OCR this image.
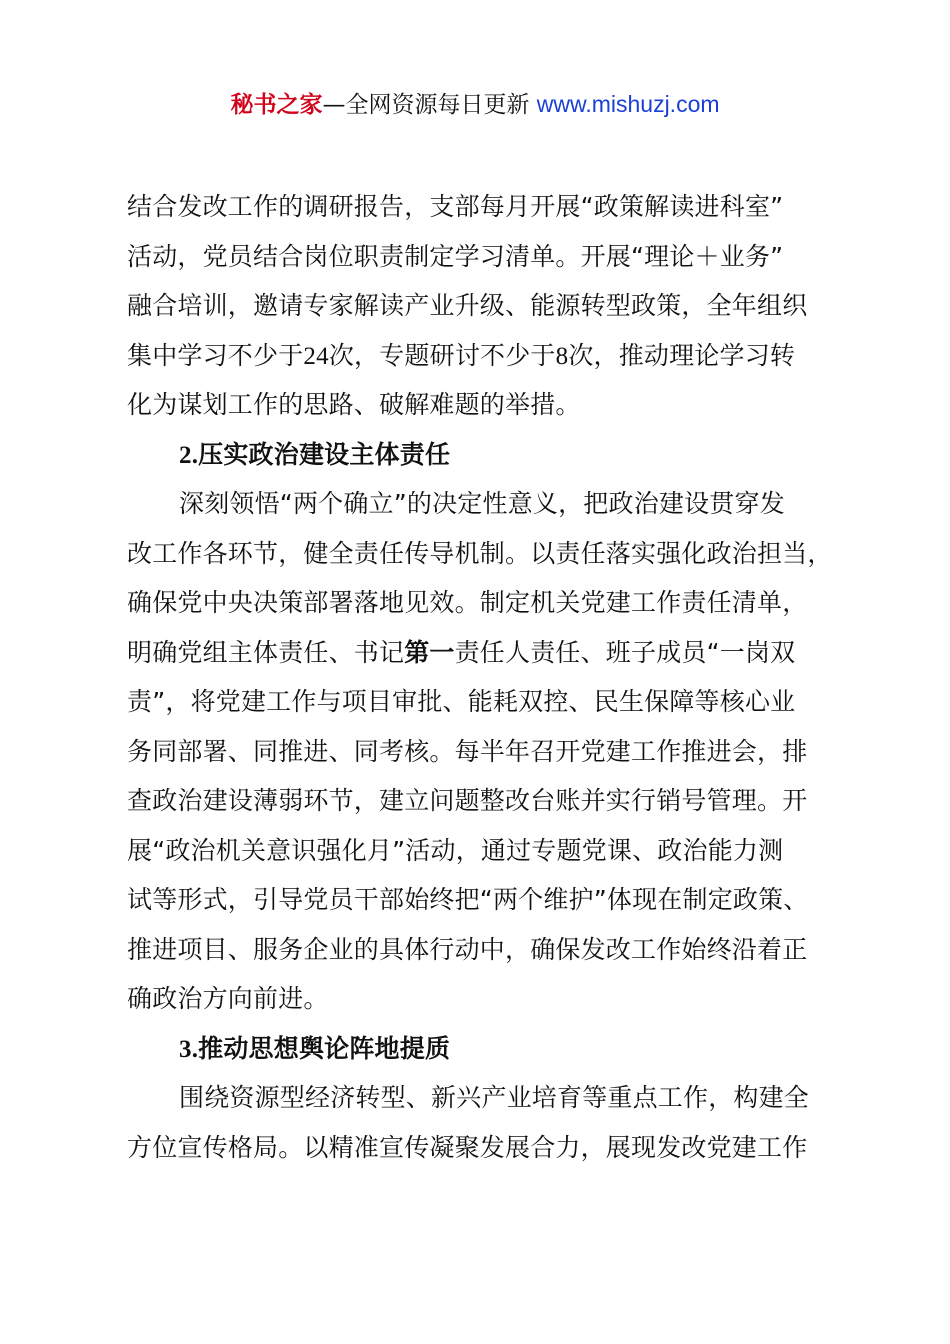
秘书之家—全网资源每日更新 www.mishuzj.com
结合发改工作的调研报告，支部每月开展“政策解读进科室”
活动，党员结合岗位职责制定学习清单。开展“理论＋业务”
融合培训，邀请专家解读产业升级、能源转型政策，全年组织
集中学习不少于24次，专题研讨不少于8次，推动理论学习转
化为谋划工作的思路、破解难题的举措。
2.压实政治建设主体责任
深刻领悟“两个确立”的决定性意义，把政治建设贯穿发
改工作各环节，健全责任传导机制。以责任落实强化政治担当，
确保党中央决策部署落地见效。制定机关党建工作责任清单，
明确党组主体责任、书记第一责任人责任、班子成员“一岗双
责”，将党建工作与项目审批、能耗双控、民生保障等核心业
务同部署、同推进、同考核。每半年召开党建工作推进会，排
查政治建设薄弱环节，建立问题整改台账并实行销号管理。开
展“政治机关意识强化月”活动，通过专题党课、政治能力测
试等形式，引导党员干部始终把“两个维护”体现在制定政策、
推进项目、服务企业的具体行动中，确保发改工作始终沿着正
确政治方向前进。
3.推动思想舆论阵地提质
围绕资源型经济转型、新兴产业培育等重点工作，构建全
方位宣传格局。以精准宣传凝聚发展合力，展现发改党建工作
